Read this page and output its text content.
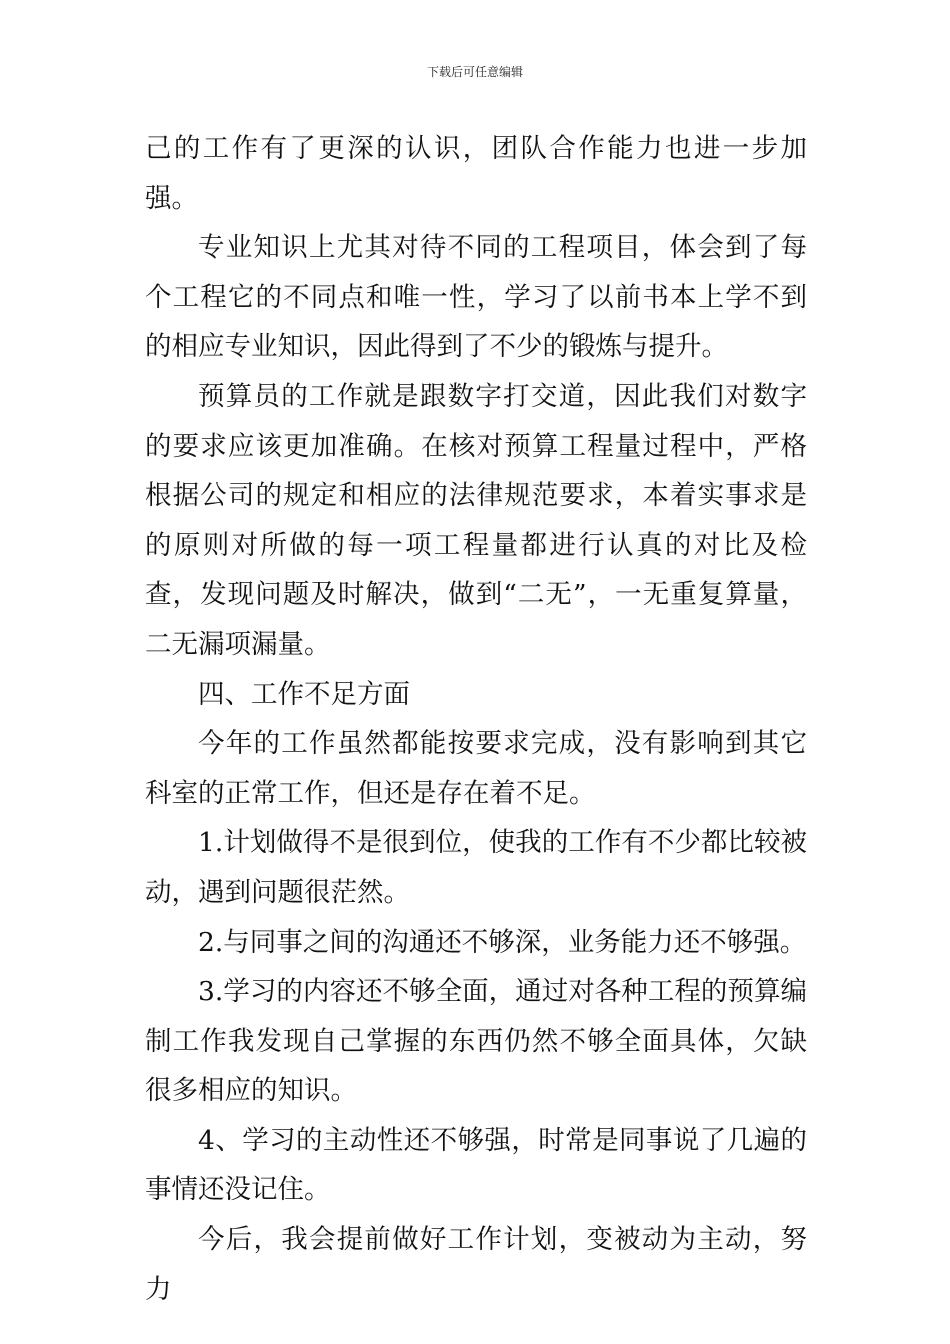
下载后可任意编辑

己的工作有了更深的认识，团队合作能力也进一步加强。

专业知识上尤其对待不同的工程项目，体会到了每个工程它的不同点和唯一性，学习了以前书本上学不到的相应专业知识，因此得到了不少的锻炼与提升。

预算员的工作就是跟数字打交道，因此我们对数字的要求应该更加准确。在核对预算工程量过程中，严格根据公司的规定和相应的法律规范要求，本着实事求是的原则对所做的每一项工程量都进行认真的对比及检查，发现问题及时解决，做到“二无”，一无重复算量，二无漏项漏量。

四、工作不足方面

今年的工作虽然都能按要求完成，没有影响到其它科室的正常工作，但还是存在着不足。

1.计划做得不是很到位，使我的工作有不少都比较被动，遇到问题很茫然。

2.与同事之间的沟通还不够深，业务能力还不够强。

3.学习的内容还不够全面，通过对各种工程的预算编制工作我发现自己掌握的东西仍然不够全面具体，欠缺很多相应的知识。

4、学习的主动性还不够强，时常是同事说了几遍的事情还没记住。

今后，我会提前做好工作计划，变被动为主动，努力
